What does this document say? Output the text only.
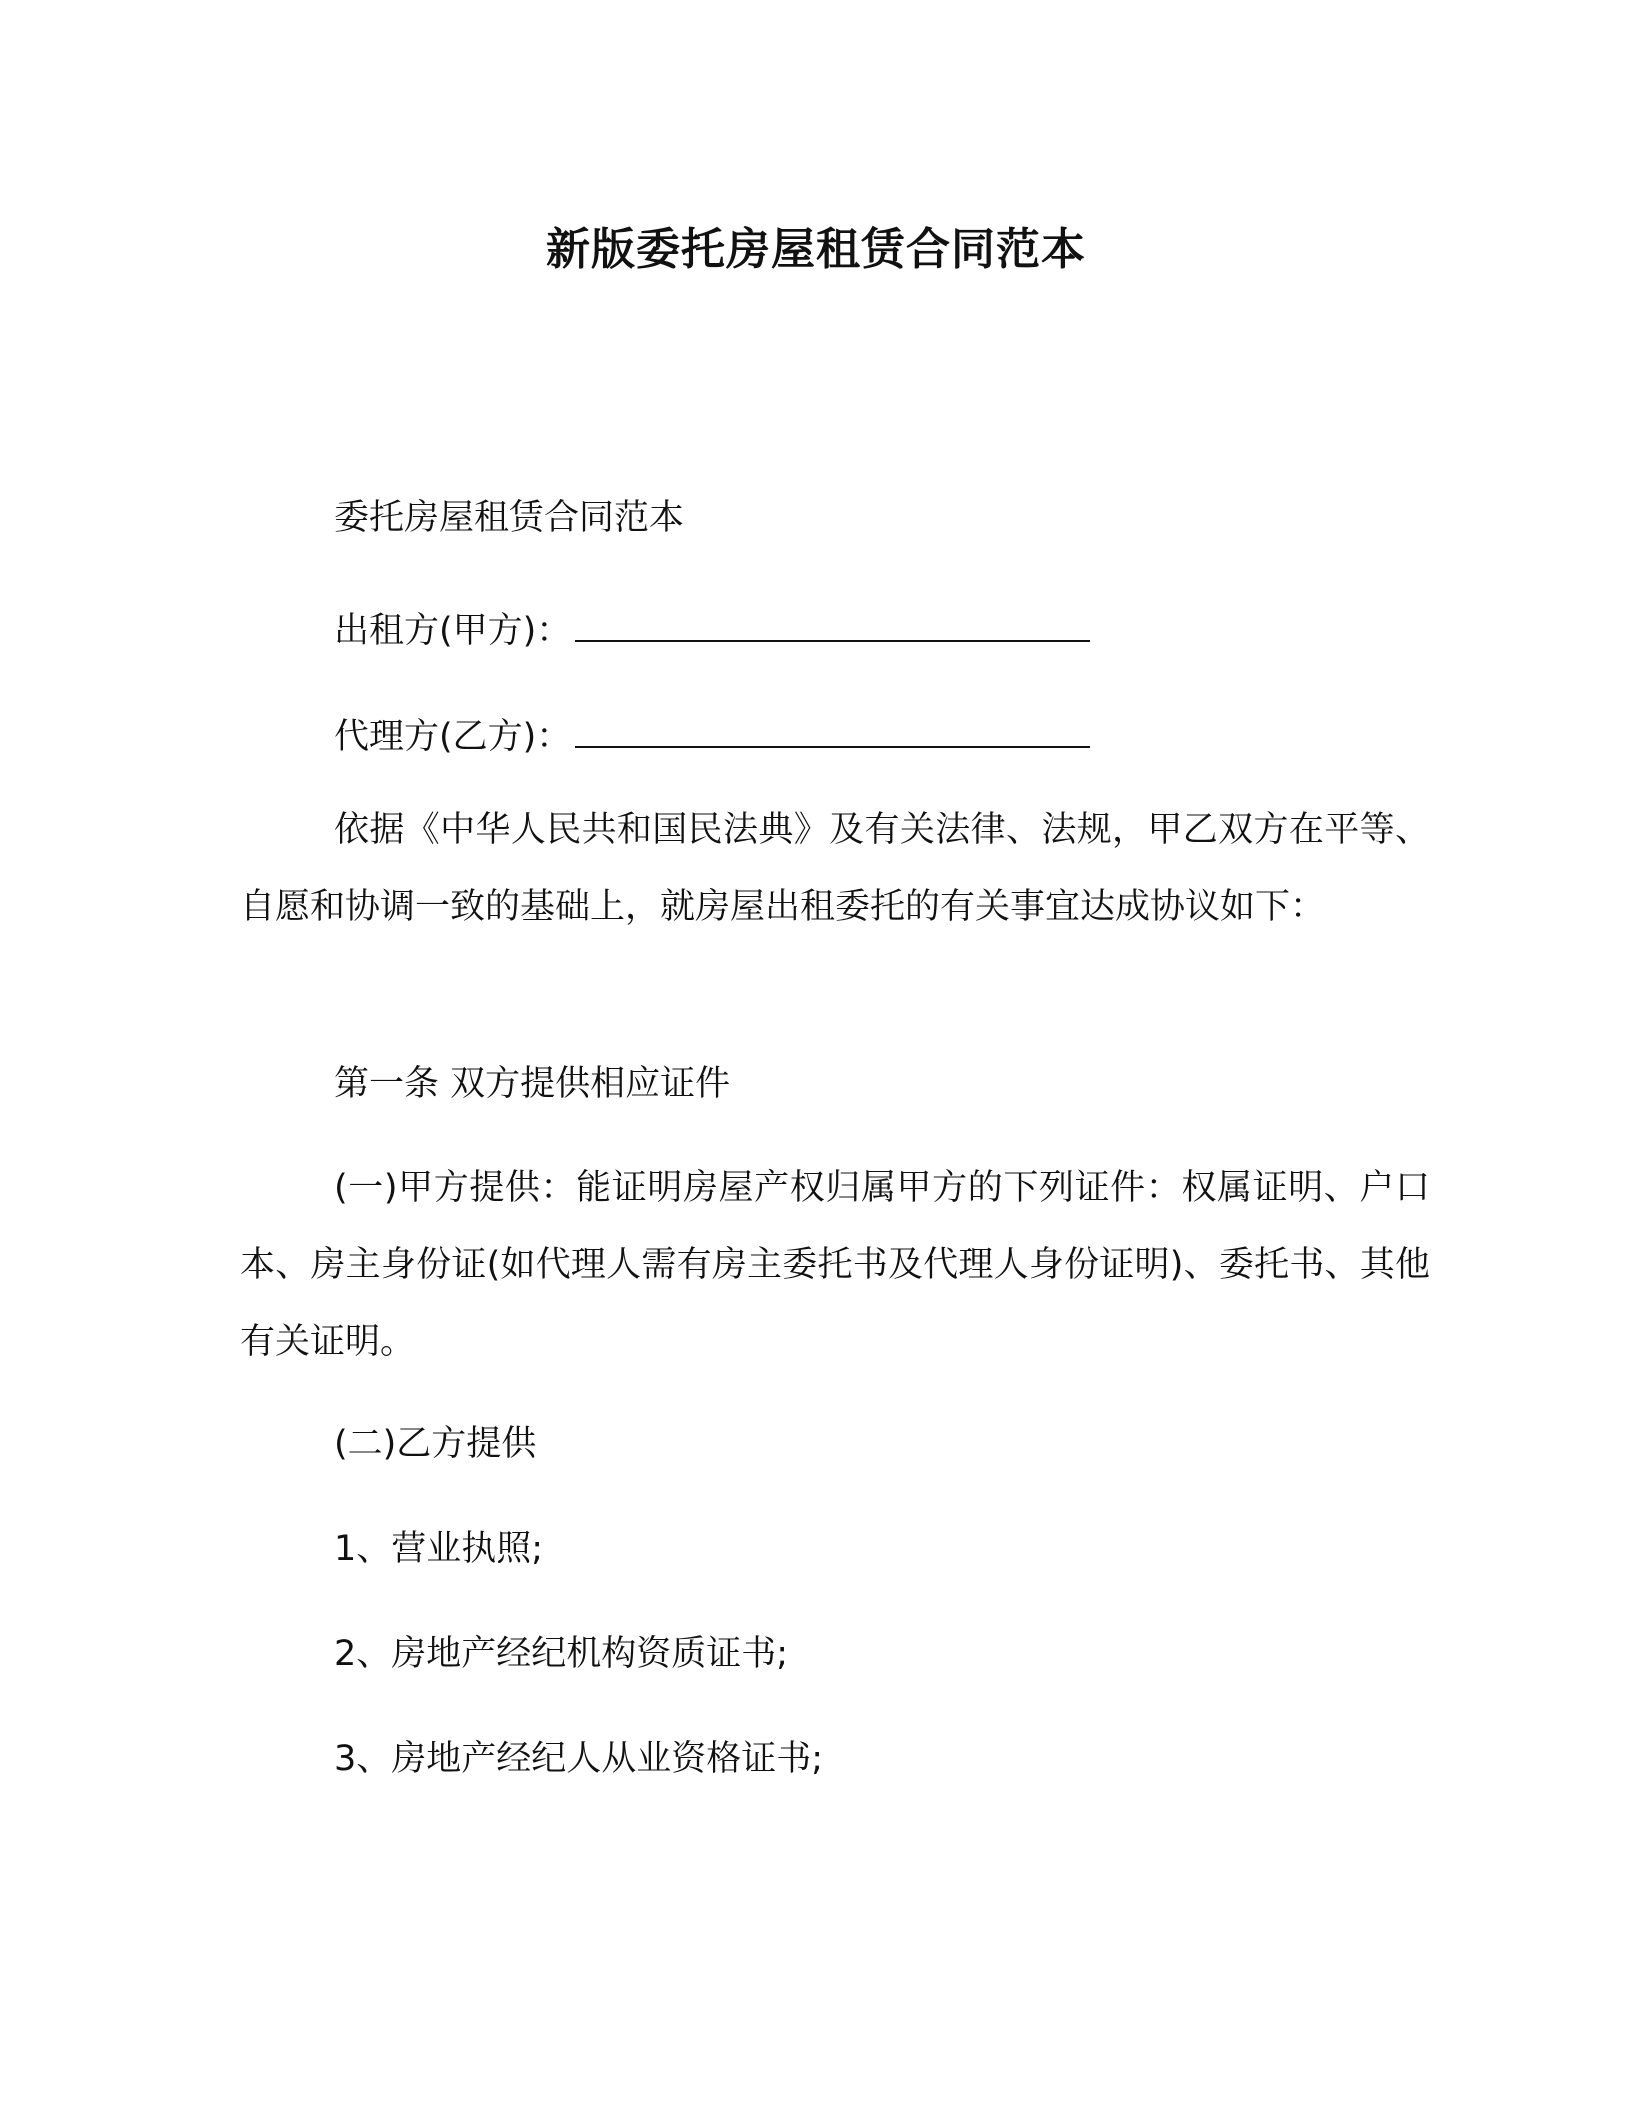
新版委托房屋租赁合同范本
委托房屋租赁合同范本
出租方(甲方)：
代理方(乙方)：
依据《中华人民共和国民法典》及有关法律、法规，甲乙双方在平等、自愿和协调一致的基础上，就房屋出租委托的有关事宜达成协议如下：
第一条 双方提供相应证件
(一)甲方提供：能证明房屋产权归属甲方的下列证件：权属证明、户口本、房主身份证(如代理人需有房主委托书及代理人身份证明)、委托书、其他有关证明。
(二)乙方提供
1、营业执照;
2、房地产经纪机构资质证书;
3、房地产经纪人从业资格证书;
